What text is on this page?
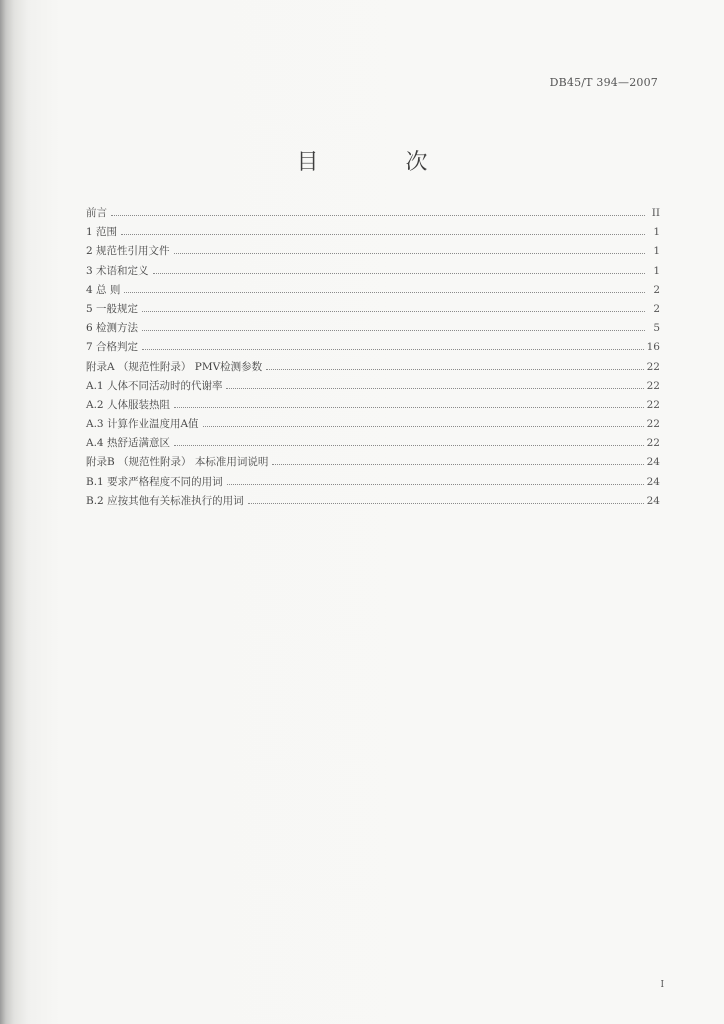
DB45/T 394—2007
目 次
前言	II
1 范围	1
2 规范性引用文件	1
3 术语和定义	1
4 总 则	2
5 一般规定	2
6 检测方法	5
7 合格判定	16
附录A （规范性附录） PMV检测参数	22
A.1 人体不同活动时的代谢率	22
A.2 人体服装热阻	22
A.3 计算作业温度用A值	22
A.4 热舒适满意区	22
附录B （规范性附录） 本标准用词说明	24
B.1 要求严格程度不同的用词	24
B.2 应按其他有关标准执行的用词	24
I
